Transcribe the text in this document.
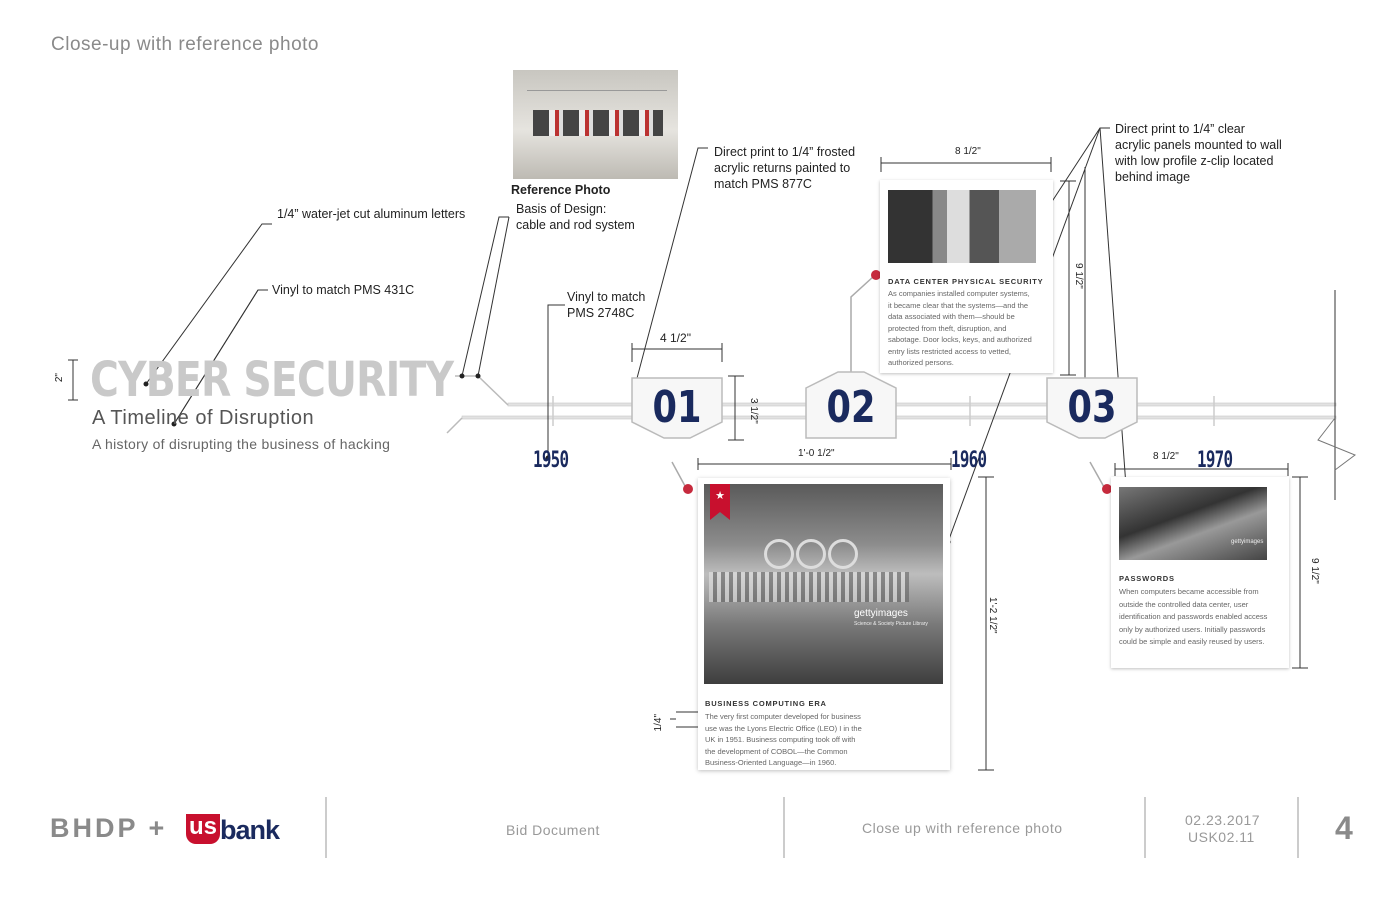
Close-up with reference photo
Reference Photo
Basis of Design:
cable and rod system
1/4” water-jet cut aluminum letters
Vinyl to match PMS 431C	Vinyl to match
PMS 2748C
Direct print to 1/4” frosted
acrylic returns painted to
match PMS 877C
Direct print to 1/4” clear
acrylic panels mounted to wall
with low profile z-clip located
behind image
CYBER SECURITY
A Timeline of Disruption
A history of disrupting the business of hacking
2"
4 1/2"
3 1/2"
1'-0 1/2"
8 1/2"
9 1/2"
1'-2 1/2"
8 1/2"
9 1/2"
1/4"
1950	1960	1970
01	02	03
DATA CENTER PHYSICAL SECURITY
As companies installed computer systems,
it became clear that the systems—and the
data associated with them—should be
protected from theft, disruption, and
sabotage. Door locks, keys, and authorized
entry lists restricted access to vetted,
authorized persons.
gettyimages
Science & Society Picture Library
★
BUSINESS COMPUTING ERA
The very first computer developed for business
use was the Lyons Electric Office (LEO) I in the
UK in 1951. Business computing took off with
the development of COBOL—the Common
Business-Oriented Language—in 1960.
gettyimages
PASSWORDS
When computers became accessible from
outside the controlled data center, user
identification and passwords enabled access
only by authorized users. Initially passwords
could be simple and easily reused by users.
BHDP + us bank	Bid Document	Close up with reference photo	02.23.2017
USK02.11	4
